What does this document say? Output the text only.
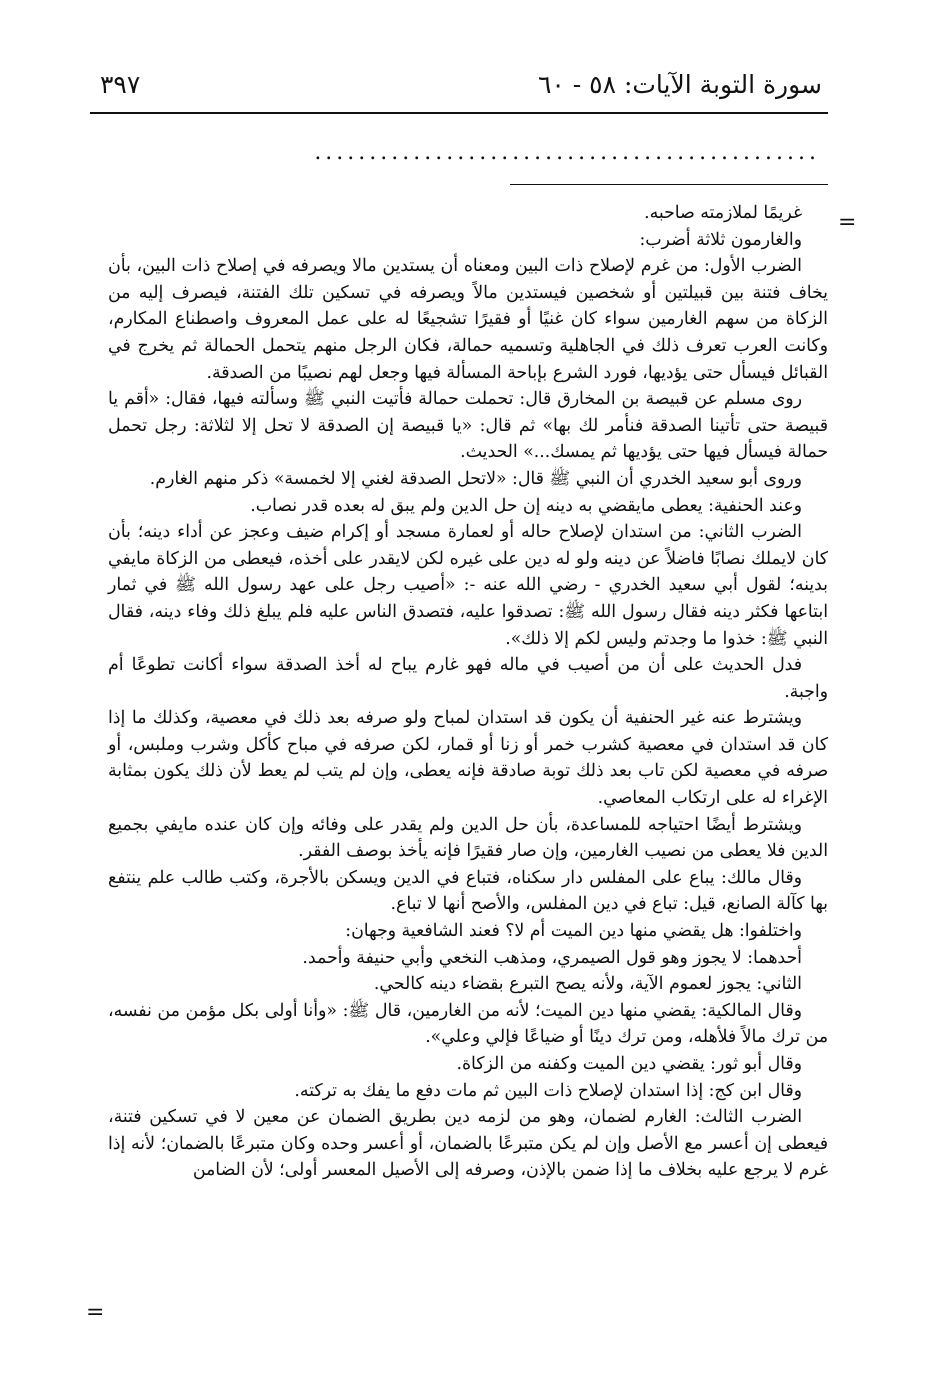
سورة التوبة الآيات: ٥٨ - ٦٠
٣٩٧
..............................................
=
=

غريمًا لملازمته صاحبه.

والغارمون ثلاثة أضرب:

الضرب الأول: من غرم لإصلاح ذات البين ومعناه أن يستدين مالا ويصرفه في إصلاح ذات البين، بأن يخاف فتنة بين قبيلتين أو شخصين فيستدين مالاً ويصرفه في تسكين تلك الفتنة، فيصرف إليه من الزكاة من سهم الغارمين سواء كان غنيًا أو فقيرًا تشجيعًا له على عمل المعروف واصطناع المكارم، وكانت العرب تعرف ذلك في الجاهلية وتسميه حمالة، فكان الرجل منهم يتحمل الحمالة ثم يخرج في القبائل فيسأل حتى يؤديها، فورد الشرع بإباحة المسألة فيها وجعل لهم نصيبًا من الصدقة.

روى مسلم عن قبيصة بن المخارق قال: تحملت حمالة فأتيت النبي ﷺ وسألته فيها، فقال: «أقم يا قبيصة حتى تأتينا الصدقة فنأمر لك بها» ثم قال: «يا قبيصة إن الصدقة لا تحل إلا لثلاثة: رجل تحمل حمالة فيسأل فيها حتى يؤديها ثم يمسك...» الحديث.

وروى أبو سعيد الخدري أن النبي ﷺ قال: «لاتحل الصدقة لغني إلا لخمسة» ذكر منهم الغارم.

وعند الحنفية: يعطى مايقضي به دينه إن حل الدين ولم يبق له بعده قدر نصاب.

الضرب الثاني: من استدان لإصلاح حاله أو لعمارة مسجد أو إكرام ضيف وعجز عن أداء دينه؛ بأن كان لايملك نصابًا فاضلاً عن دينه ولو له دين على غيره لكن لايقدر على أخذه، فيعطى من الزكاة مايفي بدينه؛ لقول أبي سعيد الخدري - رضي الله عنه -: «أصيب رجل على عهد رسول الله ﷺ في ثمار ابتاعها فكثر دينه فقال رسول الله ﷺ: تصدقوا عليه، فتصدق الناس عليه فلم يبلغ ذلك وفاء دينه، فقال النبي ﷺ: خذوا ما وجدتم وليس لكم إلا ذلك».

فدل الحديث على أن من أصيب في ماله فهو غارم يباح له أخذ الصدقة سواء أكانت تطوعًا أم واجبة.

ويشترط عنه غير الحنفية أن يكون قد استدان لمباح ولو صرفه بعد ذلك في معصية، وكذلك ما إذا كان قد استدان في معصية كشرب خمر أو زنا أو قمار، لكن صرفه في مباح كأكل وشرب وملبس، أو صرفه في معصية لكن تاب بعد ذلك توبة صادقة فإنه يعطى، وإن لم يتب لم يعط لأن ذلك يكون بمثابة الإغراء له على ارتكاب المعاصي.

ويشترط أيضًا احتياجه للمساعدة، بأن حل الدين ولم يقدر على وفائه وإن كان عنده مايفي بجميع الدين فلا يعطى من نصيب الغارمين، وإن صار فقيرًا فإنه يأخذ بوصف الفقر.

وقال مالك: يباع على المفلس دار سكناه، فتباع في الدين ويسكن بالأجرة، وكتب طالب علم ينتفع بها كآلة الصانع، قيل: تباع في دين المفلس، والأصح أنها لا تباع.

واختلفوا: هل يقضي منها دين الميت أم لا؟ فعند الشافعية وجهان:

أحدهما: لا يجوز وهو قول الصيمري، ومذهب النخعي وأبي حنيفة وأحمد.

الثاني: يجوز لعموم الآية، ولأنه يصح التبرع بقضاء دينه كالحي.

وقال المالكية: يقضي منها دين الميت؛ لأنه من الغارمين، قال ﷺ: «وأنا أولى بكل مؤمن من نفسه، من ترك مالاً فلأهله، ومن ترك دينًا أو ضياعًا فإلي وعلي».

وقال أبو ثور: يقضي دين الميت وكفنه من الزكاة.

وقال ابن كج: إذا استدان لإصلاح ذات البين ثم مات دفع ما يفك به تركته.

الضرب الثالث: الغارم لضمان، وهو من لزمه دين بطريق الضمان عن معين لا في تسكين فتنة، فيعطى إن أعسر مع الأصل وإن لم يكن متبرعًا بالضمان، أو أعسر وحده وكان متبرعًا بالضمان؛ لأنه إذا غرم لا يرجع عليه بخلاف ما إذا ضمن بالإذن، وصرفه إلى الأصيل المعسر أولى؛ لأن الضامن
